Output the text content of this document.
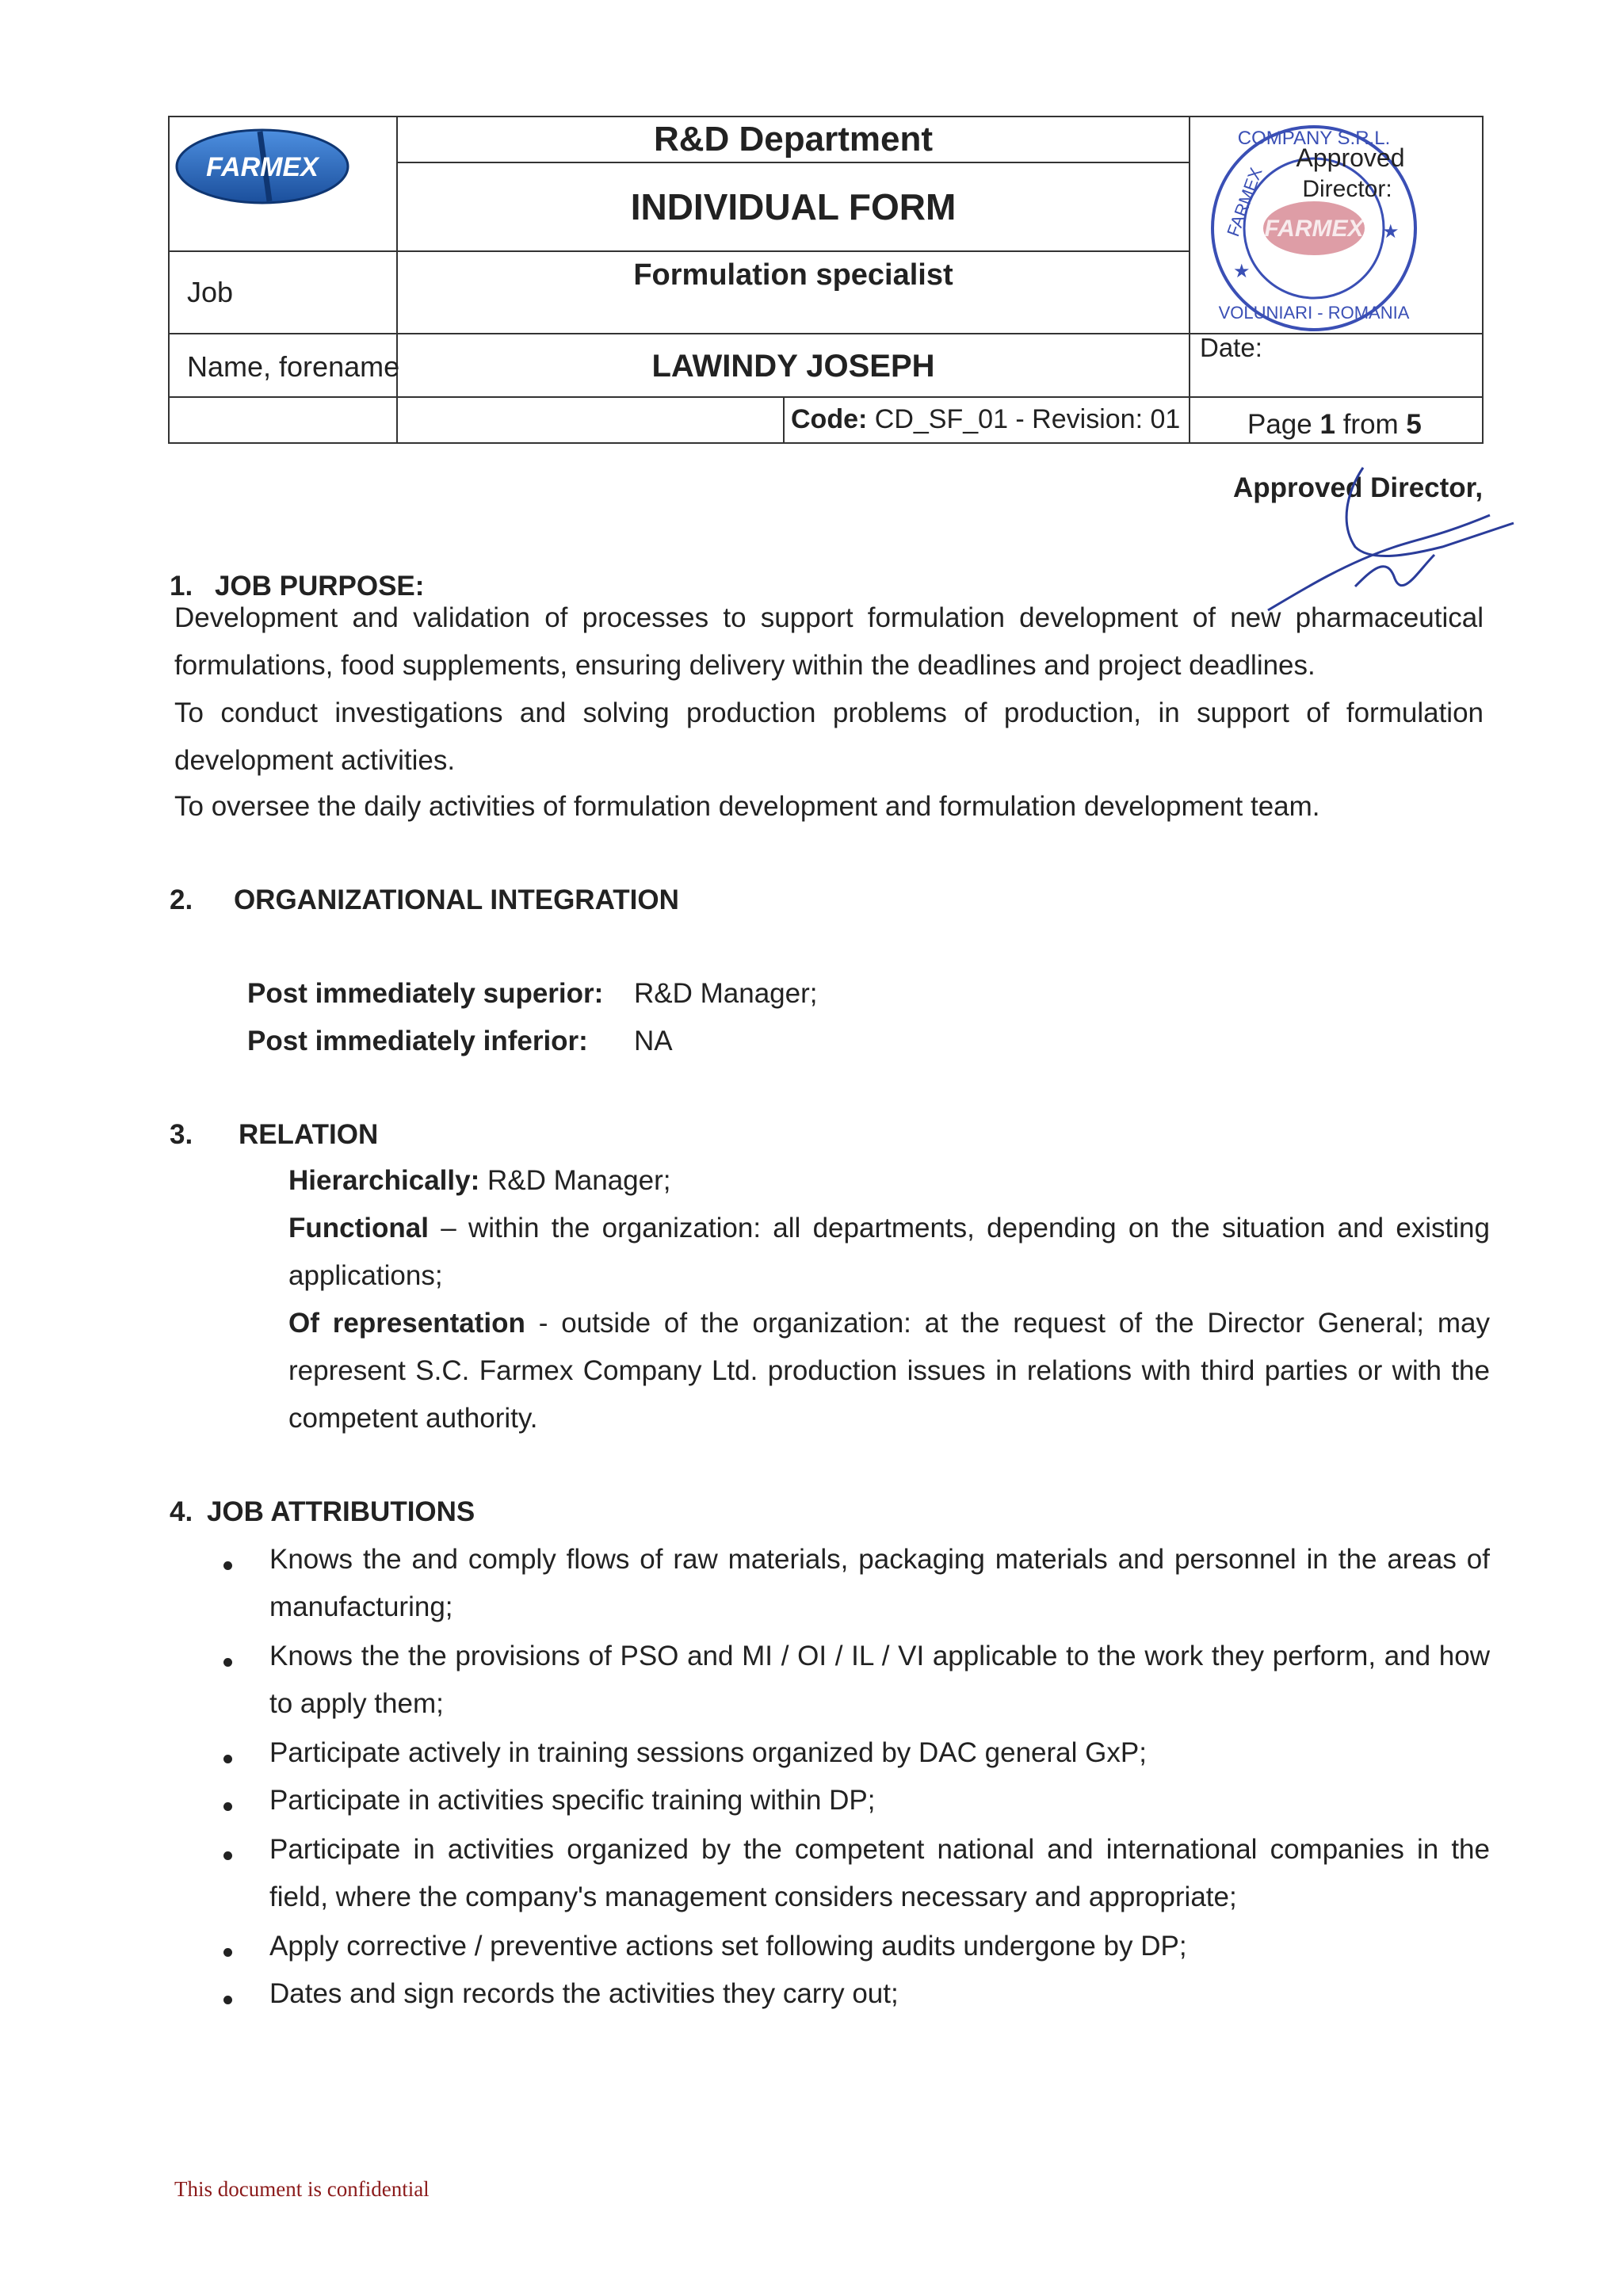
FARMEX
R&D Department
INDIVIDUAL FORM
Formulation specialist
Job
Name, forename	LAWINDY JOSEPH
Date:
Code: CD_SF_01 - Revision: 01 Page 1 from 5
FARMEX
COMPANY S.R.L.
FARMEX
VOLUNIARI - ROMANIA
★
★
Approved
Director:
Approved Director,
1. JOB PURPOSE:
Development and validation of processes to support formulation development of new pharmaceutical formulations, food supplements, ensuring delivery within the deadlines and project deadlines.
To conduct investigations and solving production problems of production, in support of formulation development activities.
To oversee the daily activities of formulation development and formulation development team.
2. ORGANIZATIONAL INTEGRATION
Post immediately superior: R&D Manager;
Post immediately inferior: NA
3. RELATION
Hierarchically: R&D Manager;
Functional – within the organization: all departments, depending on the situation and existing applications;
Of representation - outside of the organization: at the request of the Director General; may represent S.C. Farmex Company Ltd. production issues in relations with third parties or with the competent authority.
4. JOB ATTRIBUTIONS
Knows the and comply flows of raw materials, packaging materials and personnel in the areas of manufacturing;
Knows the the provisions of PSO and MI / OI / IL / VI applicable to the work they perform, and how to apply them;
Participate actively in training sessions organized by DAC general GxP;
Participate in activities specific training within DP;
Participate in activities organized by the competent national and international companies in the field, where the company's management considers necessary and appropriate;
Apply corrective / preventive actions set following audits undergone by DP;
Dates and sign records the activities they carry out;
This document is confidential
